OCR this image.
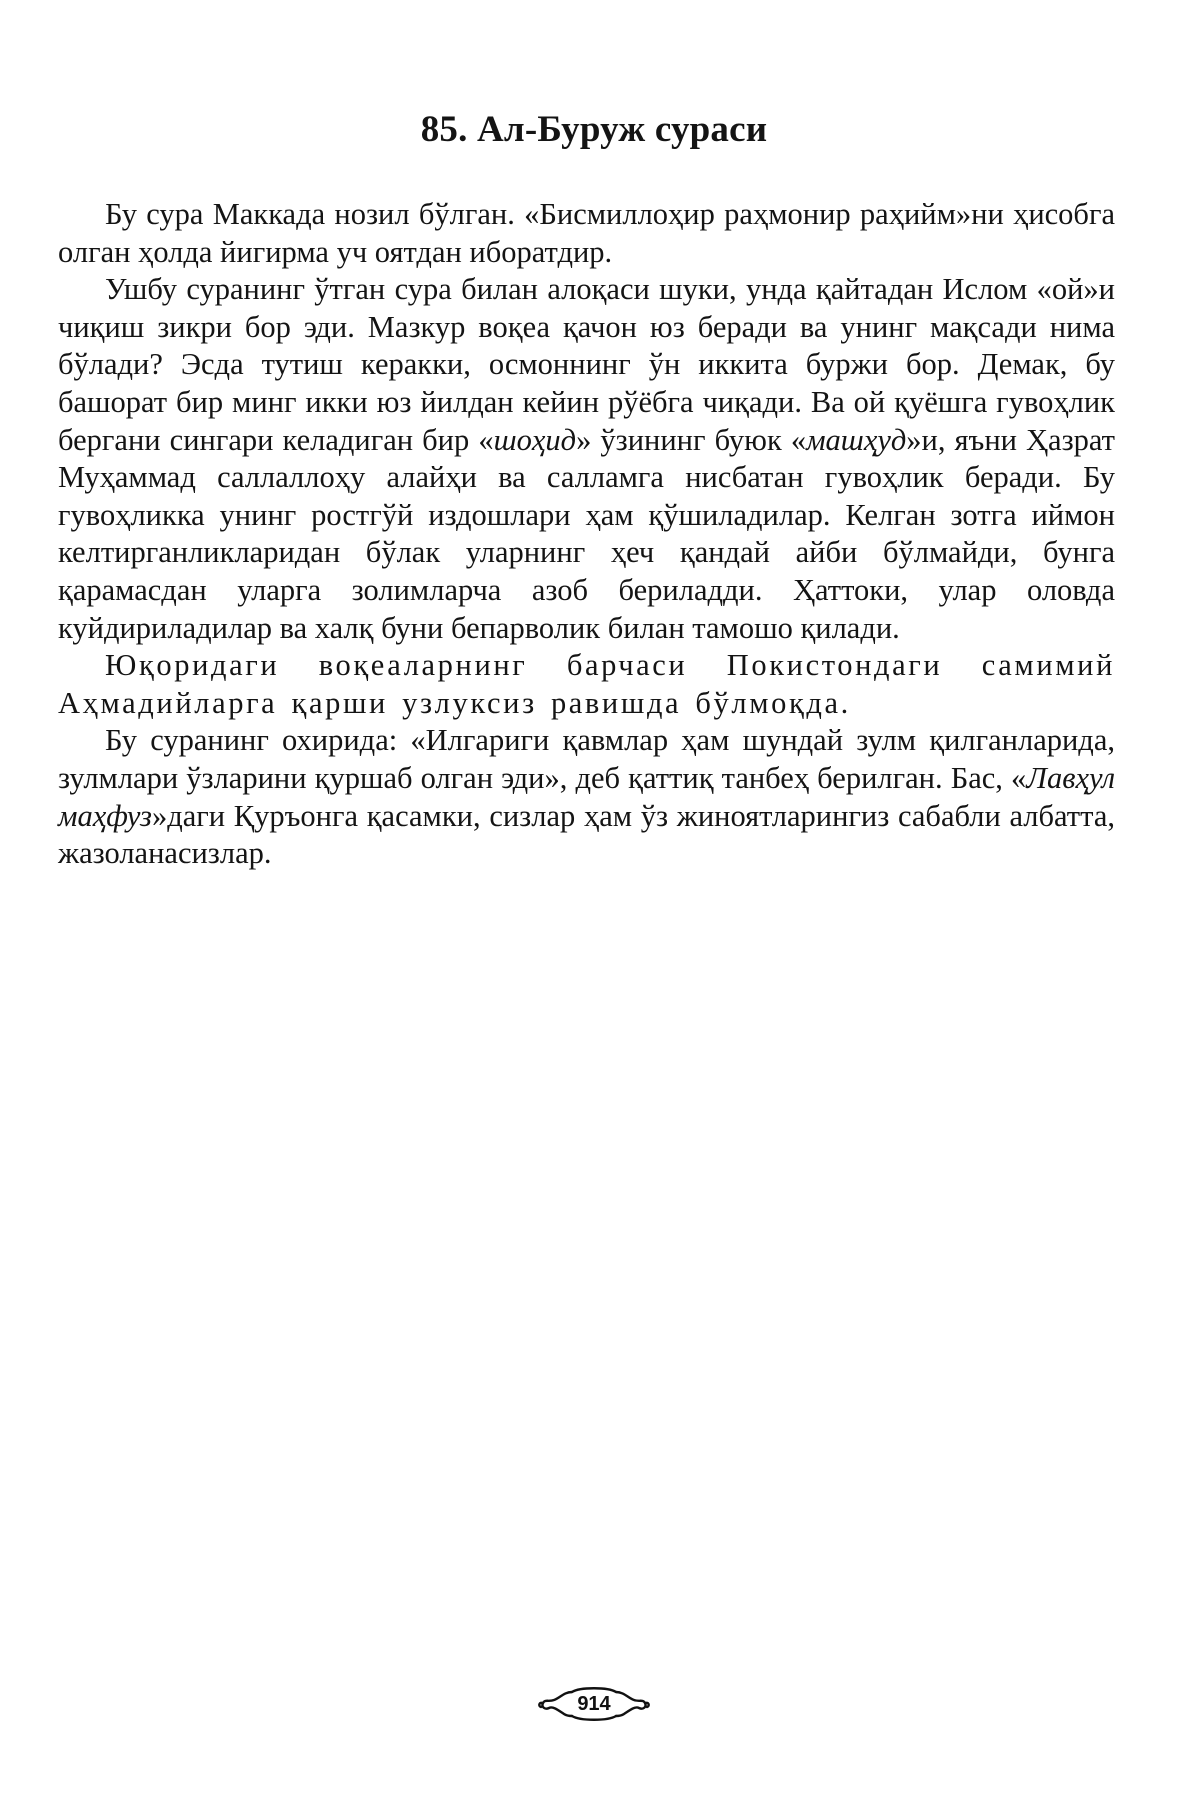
85. Ал-Буруж сураси

Бу сура Маккада нозил бўлган. «Бисмиллоҳир раҳмонир раҳийм»ни ҳисобга олган ҳолда йигирма уч оятдан иборатдир.

Ушбу суранинг ўтган сура билан алоқаси шуки, унда қайтадан Ислом «ой»и чиқиш зикри бор эди. Мазкур воқеа қачон юз беради ва унинг мақсади нима бўлади? Эсда тутиш керакки, осмоннинг ўн иккита буржи бор. Демак, бу башорат бир минг икки юз йилдан кейин рўёбга чиқади. Ва ой қуёшга гувоҳлик бергани сингари келадиган бир «шоҳид» ўзининг буюк «машҳуд»и, яъни Ҳазрат Муҳаммад саллаллоҳу алайҳи ва салламга нисбатан гувоҳлик беради. Бу гувоҳликка унинг ростгўй издошлари ҳам қўшиладилар. Келган зотга иймон келтирганликларидан бўлак уларнинг ҳеч қандай айби бўлмайди, бунга қарамасдан уларга золимларча азоб бериладди. Ҳаттоки, улар оловда куйдириладилар ва халқ буни бепарволик билан тамошо қилади.

Юқоридаги воқеаларнинг барчаси Покистондаги самимий Аҳмадийларга қарши узлуксиз равишда бўлмоқда.

Бу суранинг охирида: «Илгариги қавмлар ҳам шундай зулм қилганларида, зулмлари ўзларини қуршаб олган эди», деб қаттиқ танбеҳ берилган. Бас, «Лавҳул маҳфуз»даги Қуръонга қасамки, сизлар ҳам ўз жиноятларингиз сабабли албатта, жазоланасизлар.

914
